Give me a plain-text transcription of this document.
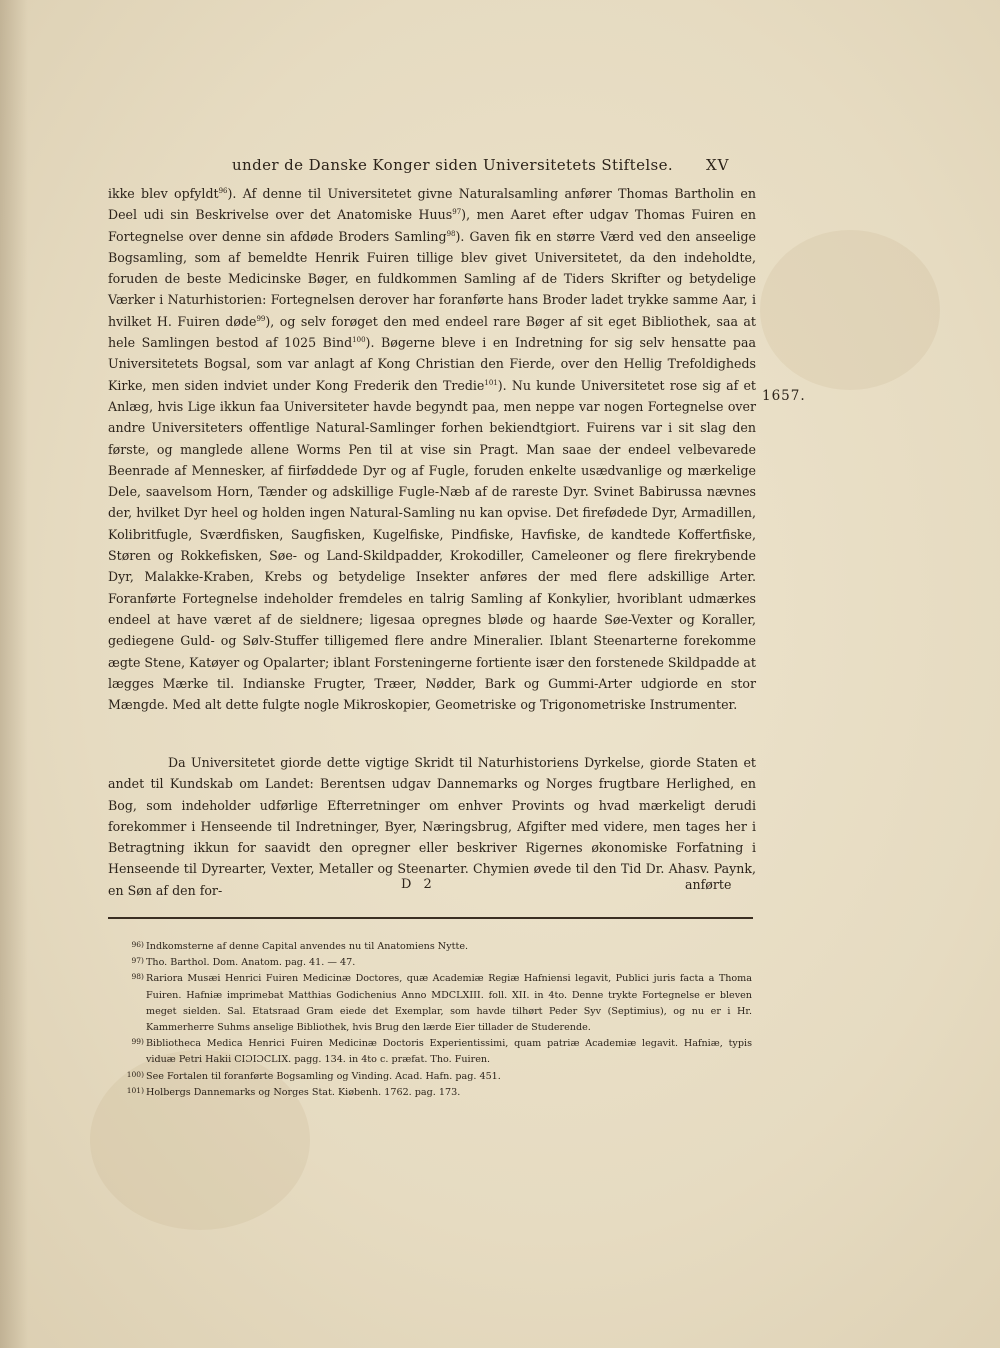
under de Danske Konger siden Universitetets Stiftelse. XV
1657.
ikke blev opfyldt$^{96}$). Af denne til Universitetet givne Naturalsamling anfører Thomas Bartholin en Deel udi sin Beskrivelse over det Anatomiske Huus$^{97}$), men Aaret efter udgav Thomas Fuiren en Fortegnelse over denne sin afdøde Broders Samling$^{98}$). Gaven fik en større Værd ved den anseelige Bogsamling, som af bemeldte Henrik Fuiren tillige blev givet Universitetet, da den indeholdte, foruden de beste Medicinske Bøger, en fuldkommen Samling af de Tiders Skrifter og betydelige Værker i Naturhistorien: Fortegnelsen derover har foranførte hans Broder ladet trykke samme Aar, i hvilket H. Fuiren døde$^{99}$), og selv forøget den med endeel rare Bøger af sit eget Bibliothek, saa at hele Samlingen bestod af 1025 Bind$^{100}$). Bøgerne bleve i en Indretning for sig selv hensatte paa Universitetets Bogsal, som var anlagt af Kong Christian den Fierde, over den Hellig Trefoldigheds Kirke, men siden indviet under Kong Frederik den Tredie$^{101}$). Nu kunde Universitetet rose sig af et Anlæg, hvis Lige ikkun faa Universiteter havde begyndt paa, men neppe var nogen Fortegnelse over andre Universiteters offentlige Natural-Samlinger forhen bekiendtgiort. Fuirens var i sit slag den første, og manglede allene Worms Pen til at vise sin Pragt. Man saae der endeel velbevarede Beenrade af Mennesker, af fiirføddede Dyr og af Fugle, foruden enkelte usædvanlige og mærkelige Dele, saavelsom Horn, Tænder og adskillige Fugle-Næb af de rareste Dyr. Svinet Babirussa nævnes der, hvilket Dyr heel og holden ingen Natural-Samling nu kan opvise. Det firefødede Dyr, Armadillen, Kolibritfugle, Sværdfisken, Saugfisken, Kugelfiske, Pindfiske, Havfiske, de kandtede Koffertfiske, Støren og Rokkefisken, Søe- og Land-Skildpadder, Krokodiller, Cameleoner og flere firekrybende Dyr, Malakke-Kraben, Krebs og betydelige Insekter anføres der med flere adskillige Arter. Foranførte Fortegnelse indeholder fremdeles en talrig Samling af Konkylier, hvoriblant udmærkes endeel at have været af de sieldnere; ligesaa opregnes bløde og haarde Søe-Vexter og Koraller, gediegene Guld- og Sølv-Stuffer tilligemed flere andre Mineralier. Iblant Steenarterne forekomme ægte Stene, Katøyer og Opalarter; iblant Forsteningerne fortiente især den forstenede Skildpadde at lægges Mærke til. Indianske Frugter, Træer, Nødder, Bark og Gummi-Arter udgiorde en stor Mængde. Med alt dette fulgte nogle Mikroskopier, Geometriske og Trigonometriske Instrumenter.
Da Universitetet giorde dette vigtige Skridt til Naturhistoriens Dyrkelse, giorde Staten et andet til Kundskab om Landet: Berentsen udgav Dannemarks og Norges frugtbare Herlighed, en Bog, som indeholder udførlige Efterretninger om enhver Provints og hvad mærkeligt derudi forekommer i Henseende til Indretninger, Byer, Næringsbrug, Afgifter med videre, men tages her i Betragtning ikkun for saavidt den opregner eller beskriver Rigernes økonomiske Forfatning i Henseende til Dyrearter, Vexter, Metaller og Steenarter. Chymien øvede til den Tid Dr. Ahasv. Paynk, en Søn af den for-	D 2	anførte
96) Indkomsterne af denne Capital anvendes nu til Anatomiens Nytte.
97) Tho. Barthol. Dom. Anatom. pag. 41. — 47.
98) Rariora Musæi Henrici Fuiren Medicinæ Doctores, quæ Academiæ Regiæ Hafniensi legavit, Publici juris facta a Thoma Fuiren. Hafniæ imprimebat Matthias Godichenius Anno MDCLXIII. foll. XII. in 4to. Denne trykte Fortegnelse er bleven meget sielden. Sal. Etatsraad Gram eiede det Exemplar, som havde tilhørt Peder Syv (Septimius), og nu er i Hr. Kammerherre Suhms anselige Bibliothek, hvis Brug den lærde Eier tillader de Studerende.
99) Bibliotheca Medica Henrici Fuiren Medicinæ Doctoris Experientissimi, quam patriæ Academiæ legavit. Hafniæ, typis viduæ Petri Hakii CIƆIƆCLIX. pagg. 134. in 4to c. præfat. Tho. Fuiren.
100) See Fortalen til foranførte Bogsamling og Vinding. Acad. Hafn. pag. 451.
101) Holbergs Dannemarks og Norges Stat. Kiøbenh. 1762. pag. 173.
